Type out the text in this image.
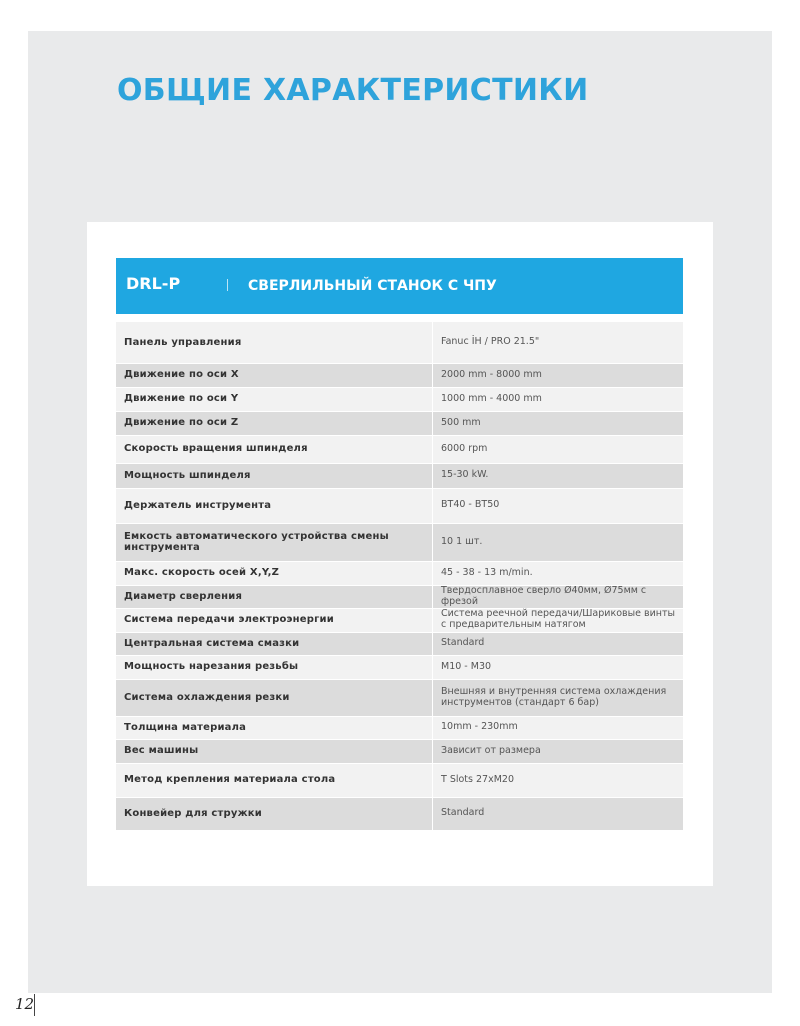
ОБЩИЕ ХАРАКТЕРИСТИКИ
DRL-P	СВЕРЛИЛЬНЫЙ СТАНОК С ЧПУ
Панель управления	Fanuc İH / PRO 21.5"
Движение по оси X	2000 mm - 8000 mm
Движение по оси Y	1000 mm - 4000 mm
Движение по оси Z	500 mm
Скорость вращения шпинделя	6000 rpm
Мощность шпинделя	15-30 kW.
Держатель инструмента	BT40 - BT50
Емкость автоматического устройства смены инструмента	10 1 шт.
Макс. скорость осей X,Y,Z	45 - 38 - 13 m/min.
Диаметр сверления	Твердосплавное сверло Ø40мм, Ø75мм с фрезой
Система передачи электроэнергии	Система реечной передачи/Шариковые винты с предварительным натягом
Центральная система смазки	Standard
Мощность нарезания резьбы	M10 - M30
Система охлаждения резки	Внешняя и внутренняя система охлаждения инструментов (стандарт 6 бар)
Толщина материала	10mm - 230mm
Вес машины	Зависит от размера
Метод крепления материала стола	T Slots 27xM20
Конвейер для стружки	Standard
12
